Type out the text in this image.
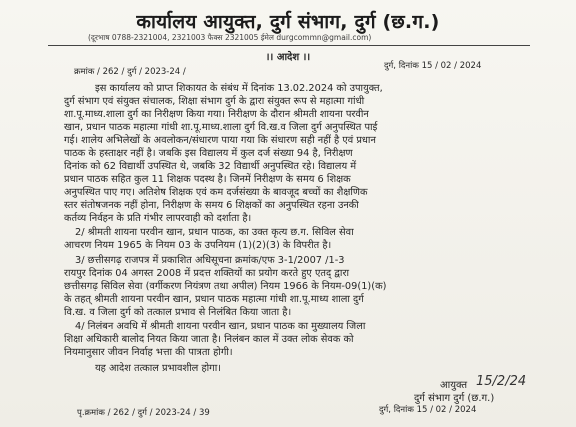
कार्यालय आयुक्त, दुर्ग संभाग, दुर्ग (छ.ग.)
(दूरभाष 0788-2321004, 2321003 फैक्स 2321005 ईमेल durgcommn@gmail.com)
।। आदेश ।।
दुर्ग, दिनांक 15 / 02 / 2024
क्रमांक / 262 / दुर्ग / 2023-24 /
इस कार्यालय को प्राप्त शिकायत के संबंध में दिनांक 13.02.2024 को उपायुक्त,
दुर्ग संभाग एवं संयुक्त संचालक, शिक्षा संभाग दुर्ग के द्वारा संयुक्त रूप से महात्मा गांधी
शा.पू.माध्य.शाला दुर्ग का निरीक्षण किया गया। निरीक्षण के दौरान श्रीमती शायना परवीन
खान, प्रधान पाठक महात्मा गांधी शा.पू.माध्य.शाला दुर्ग वि.ख.व जिला दुर्ग अनुपस्थित पाई
गई। शालेय अभिलेखों के अवलोकन/संधारण पाया गया कि संधारण सही नहीं है एवं प्रधान
पाठक के हस्ताक्षर नहीं है। जबकि इस विद्यालय में कुल दर्ज संख्या 94 है, निरीक्षण
दिनांक को 62 विद्यार्थी उपस्थित थे, जबकि 32 विद्यार्थी अनुपस्थित रहे। विद्यालय में
प्रधान पाठक सहित कुल 11 शिक्षक पदस्थ है। जिनमें निरीक्षण के समय 6 शिक्षक
अनुपस्थित पाए गए। अतिशेष शिक्षक एवं कम दर्जसंख्या के बावजूद बच्चों का शैक्षणिक
स्तर संतोषजनक नहीं होना, निरीक्षण के समय 6 शिक्षकों का अनुपस्थित रहना उनकी
कर्तव्य निर्वहन के प्रति गंभीर लापरवाही को दर्शाता है।
2/ श्रीमती शायना परवीन खान, प्रधान पाठक, का उक्त कृत्य छ.ग. सिविल सेवा
आचरण नियम 1965 के नियम 03 के उपनियम (1)(2)(3) के विपरीत है।
3/ छत्तीसगढ़ राजपत्र में प्रकाशित अधिसूचना क्रमांक/एफ 3-1/2007 /1-3
रायपुर दिनांक 04 अगस्त 2008 में प्रदत्त शक्तियों का प्रयोग करते हुए एतद् द्वारा
छत्तीसगढ़ सिविल सेवा (वर्गीकरण नियंत्रण तथा अपील) नियम 1966 के नियम-09(1)(क)
के तहत् श्रीमती शायना परवीन खान, प्रधान पाठक महात्मा गांधी शा.पू.माध्य शाला दुर्ग
वि.ख. व जिला दुर्ग को तत्काल प्रभाव से निलंबित किया जाता है।
4/ निलंबन अवधि में श्रीमती शायना परवीन खान, प्रधान पाठक का मुख्यालय जिला
शिक्षा अधिकारी बालोद नियत किया जाता है। निलंबन काल में उक्त लोक सेवक को
नियमानुसार जीवन निर्वाह भत्ता की पात्रता होगी।
यह आदेश तत्काल प्रभावशील होगा।
आयुक्त 15/2/24
दुर्ग संभाग दुर्ग (छ.ग.)
पृ.क्रमांक / 262 / दुर्ग / 2023-24 / 39	दुर्ग, दिनांक 15 / 02 / 2024
